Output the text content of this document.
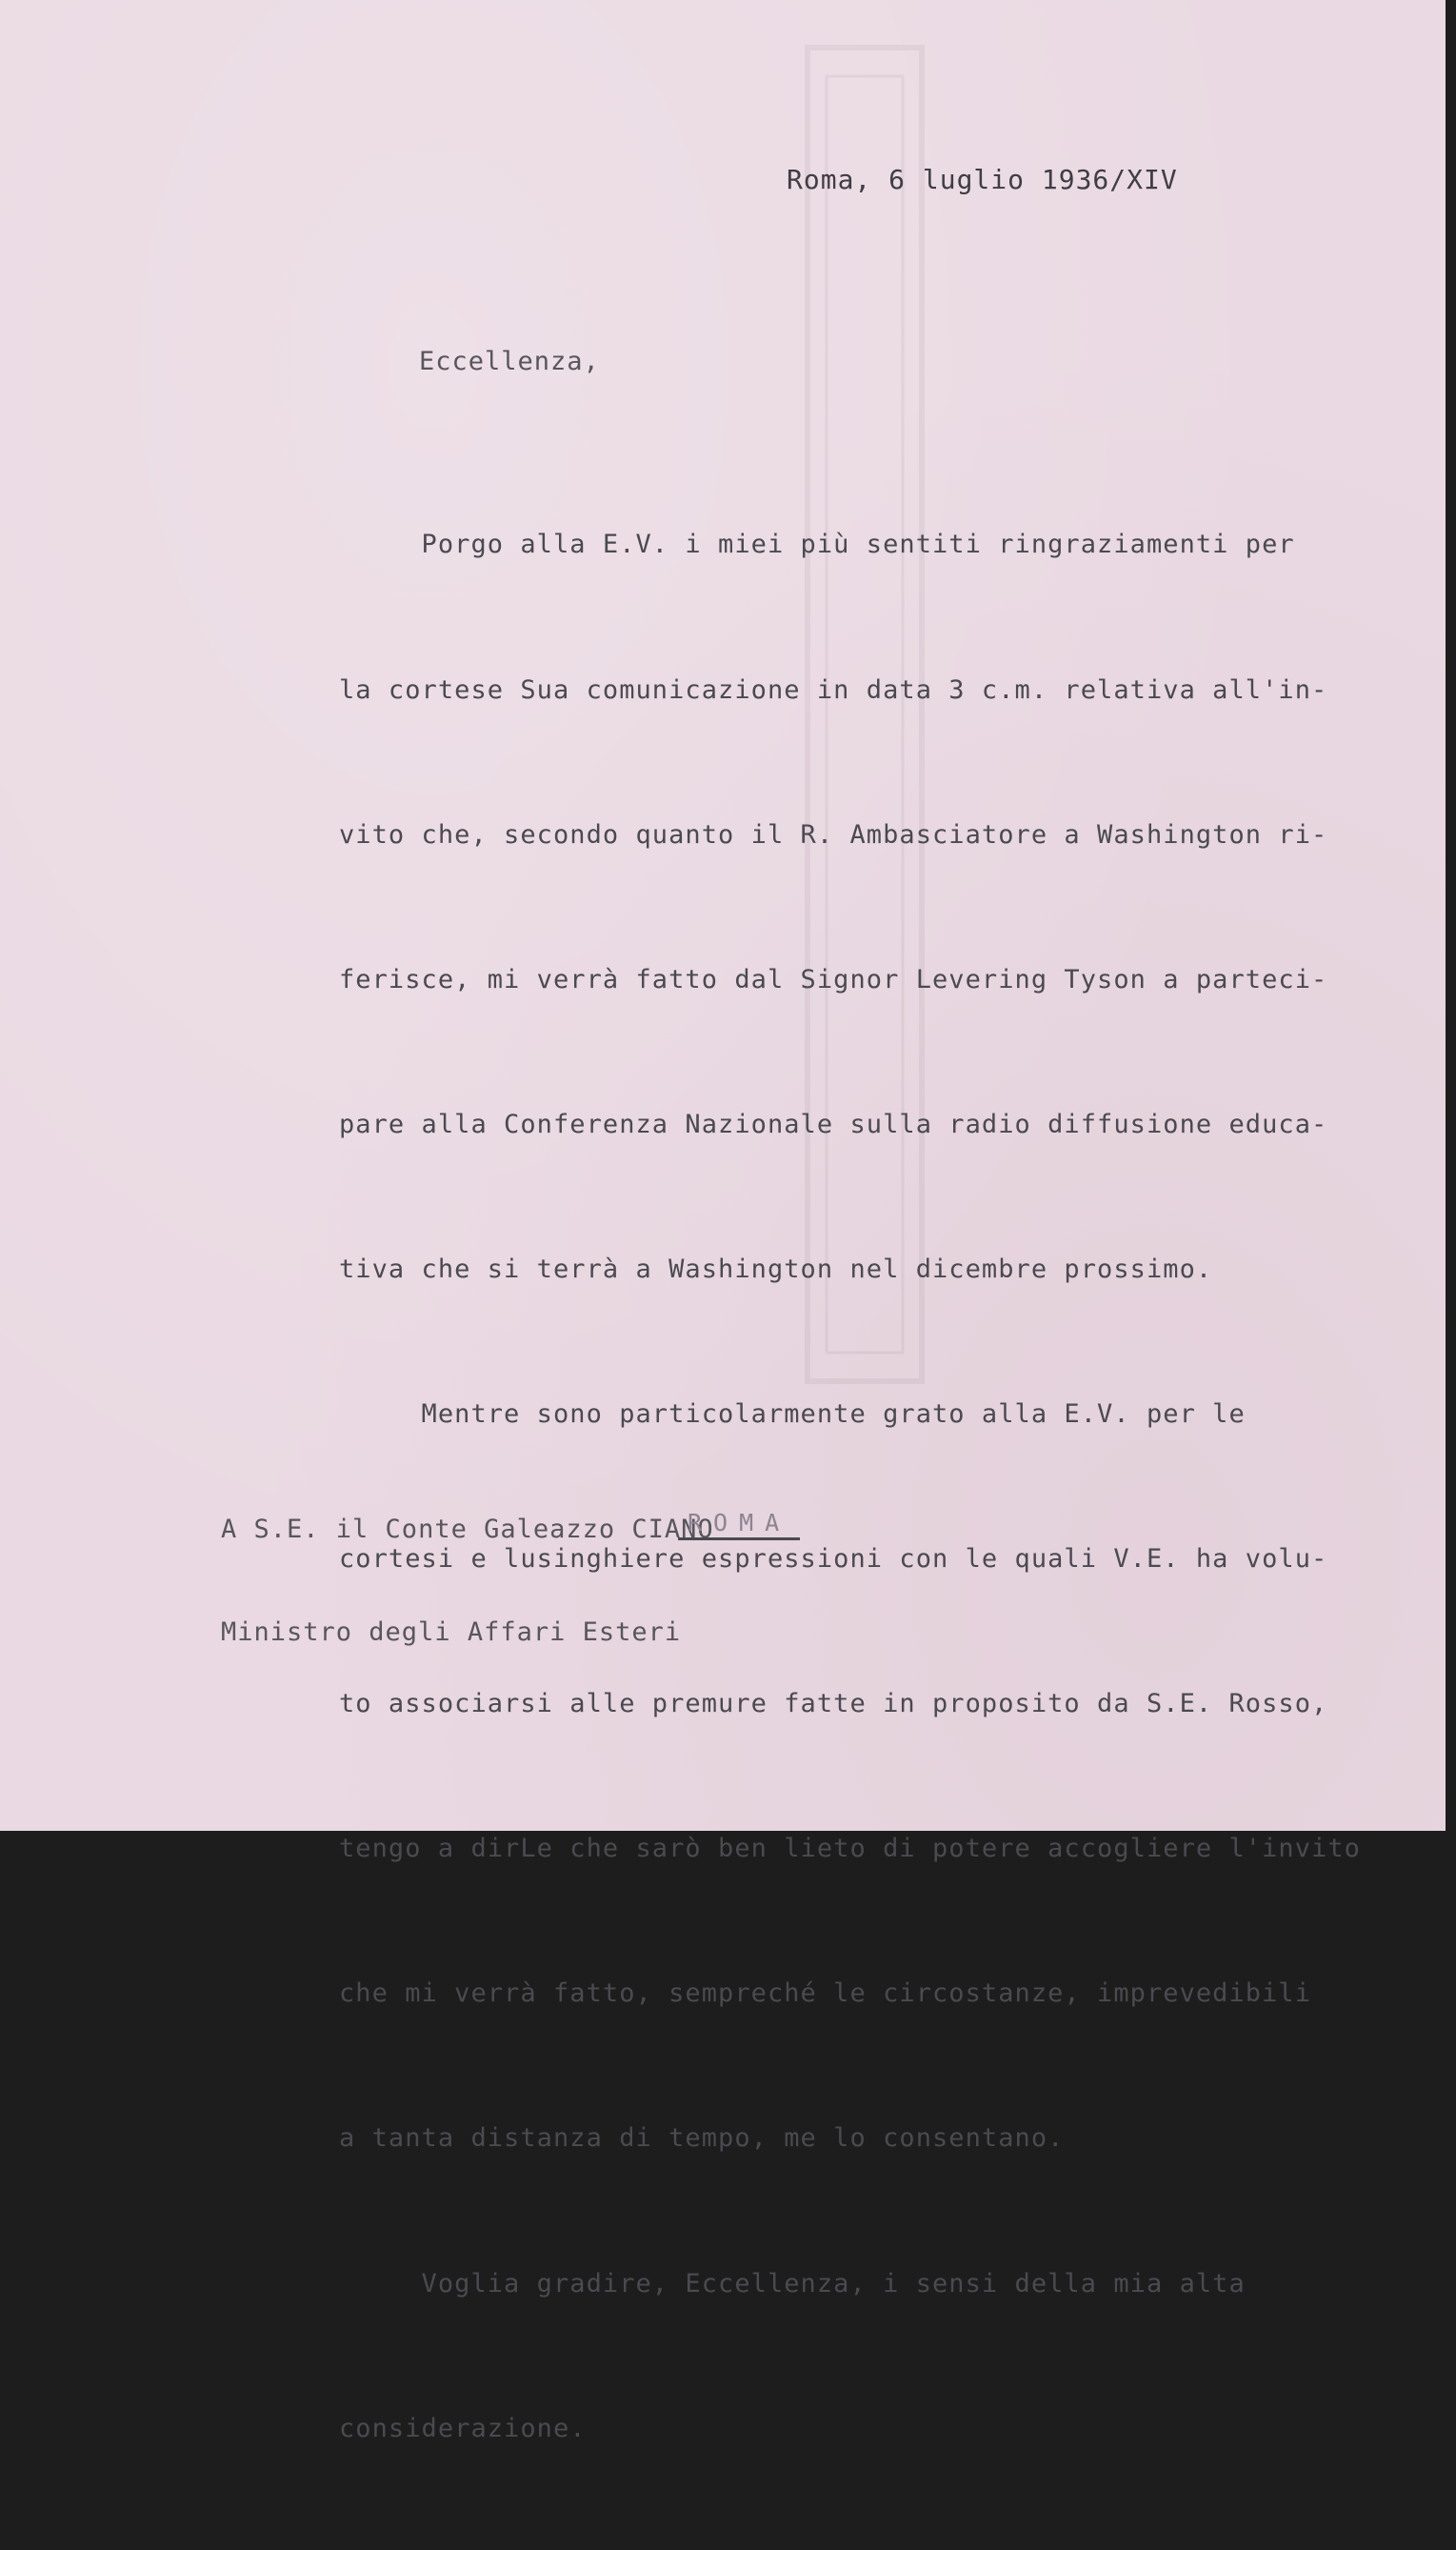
Roma, 6 luglio 1936/XIV
Eccellenza,

Porgo alla E.V. i miei più sentiti ringraziamenti per

la cortese Sua comunicazione in data 3 c.m. relativa all'in-

vito che, secondo quanto il R. Ambasciatore a Washington ri-

ferisce, mi verrà fatto dal Signor Levering Tyson a parteci-

pare alla Conferenza Nazionale sulla radio diffusione educa-

tiva che si terrà a Washington nel dicembre prossimo.

Mentre sono particolarmente grato alla E.V. per le

cortesi e lusinghiere espressioni con le quali V.E. ha volu-

to associarsi alle premure fatte in proposito da S.E. Rosso,

tengo a dirLe che sarò ben lieto di potere accogliere l'invito

che mi verrà fatto, sempreché le circostanze, imprevedibili

a tanta distanza di tempo, me lo consentano.

Voglia gradire, Eccellenza, i sensi della mia alta

considerazione.

A S.E. il Conte Galeazzo CIANO

Ministro degli Affari Esteri

ROMA
